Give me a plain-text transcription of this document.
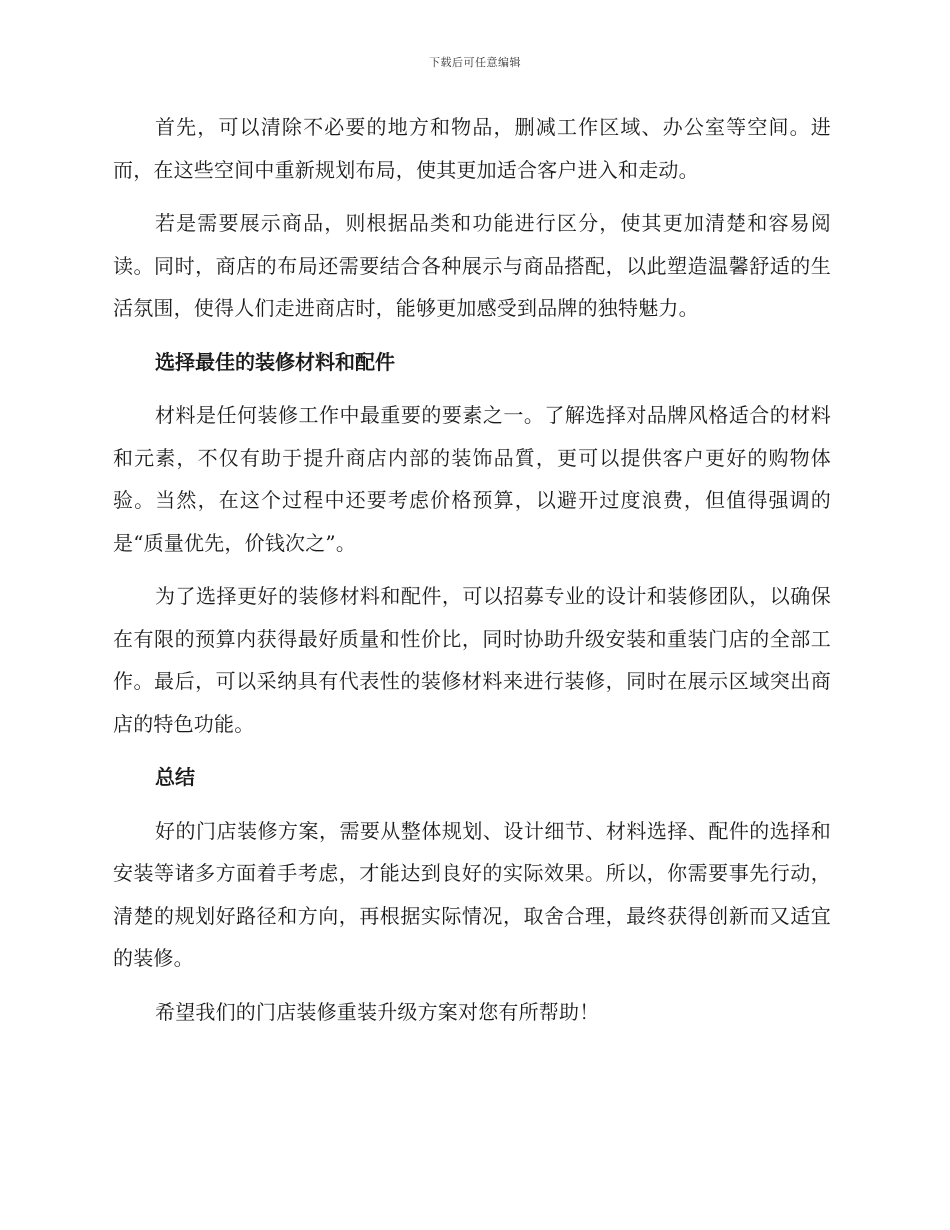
下载后可任意编辑

首先，可以清除不必要的地方和物品，删减工作区域、办公室等空间。进而，在这些空间中重新规划布局，使其更加适合客户进入和走动。

若是需要展示商品，则根据品类和功能进行区分，使其更加清楚和容易阅读。同时，商店的布局还需要结合各种展示与商品搭配，以此塑造温馨舒适的生活氛围，使得人们走进商店时，能够更加感受到品牌的独特魅力。

选择最佳的装修材料和配件

材料是任何装修工作中最重要的要素之一。了解选择对品牌风格适合的材料和元素，不仅有助于提升商店内部的装饰品質，更可以提供客户更好的购物体验。当然，在这个过程中还要考虑价格预算，以避开过度浪费，但值得强调的是“质量优先，价钱次之”。

为了选择更好的装修材料和配件，可以招募专业的设计和装修团队，以确保在有限的预算内获得最好质量和性价比，同时协助升级安装和重装门店的全部工作。最后，可以采纳具有代表性的装修材料来进行装修，同时在展示区域突出商店的特色功能。

总结

好的门店装修方案，需要从整体规划、设计细节、材料选择、配件的选择和安装等诸多方面着手考虑，才能达到良好的实际效果。所以，你需要事先行动，清楚的规划好路径和方向，再根据实际情况，取舍合理，最终获得创新而又适宜的装修。

希望我们的门店装修重装升级方案对您有所帮助！
